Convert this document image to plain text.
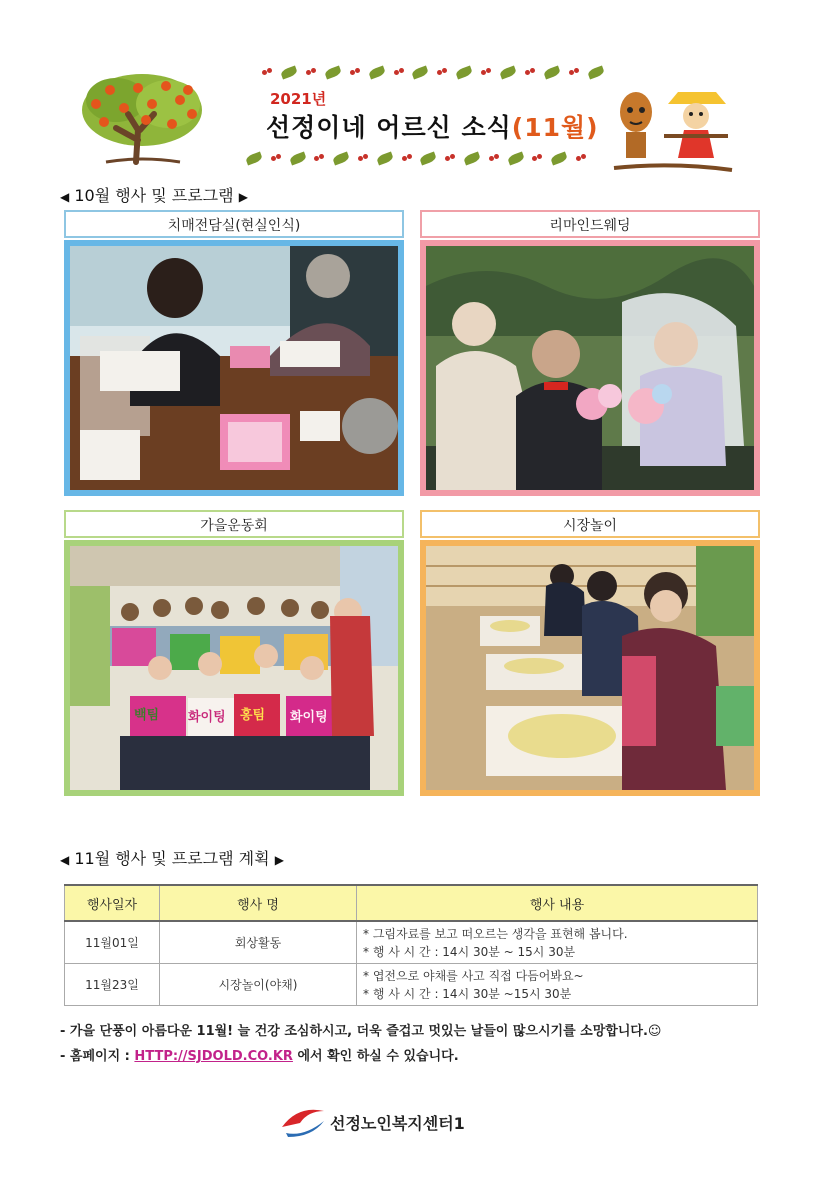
2021년
선정이네 어르신 소식(11월)
◀ 10월 행사 및 프로그램 ▶
치매전담실(현실인식)	리마인드웨딩
가을운동회	시장놀이
백팀 화이팅 홍팀 화이팅
◀ 11월 행사 및 프로그램 계획 ▶
행사일자	행사 명	행사 내용
11월01일	회상활동	* 그림자료를 보고 떠오르는 생각을 표현해 봅니다.
* 행 사 시 간 : 14시 30분 ~ 15시 30분

11월23일	시장놀이(야채)	* 엽전으로 야채를 사고 직접 다듬어봐요~
* 행 사 시 간 : 14시 30분 ~15시 30분
- 가을 단풍이 아름다운 11월! 늘 건강 조심하시고, 더욱 즐겁고 멋있는 날들이 많으시기를 소망합니다.☺
- 홈페이지 : HTTP://SJDOLD.CO.KR 에서 확인 하실 수 있습니다.
선정노인복지센터1
